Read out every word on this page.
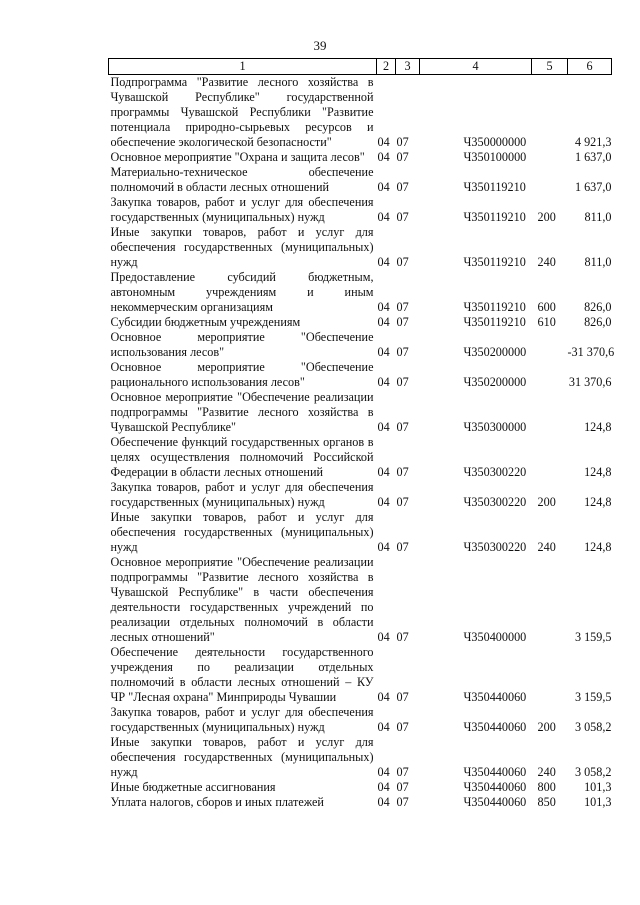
39
1	2	3	4	5	6
Подпрограмма "Развитие лесного хозяйства в Чувашской Республике" государственной программы Чувашской Республики "Развитие потенциала природно-сырьевых ресурсов и обеспечение экологической безопасности"	04	07	Ч350000000		4 921,3
Основное мероприятие "Охрана и защита лесов"	04	07	Ч350100000		1 637,0
Материально-техническое обеспечение полномочий в области лесных отношений	04	07	Ч350119210		1 637,0
Закупка товаров, работ и услуг для обеспечения государственных (муниципальных) нужд	04	07	Ч350119210	200	811,0
Иные закупки товаров, работ и услуг для обеспечения государственных (муниципальных) нужд	04	07	Ч350119210	240	811,0
Предоставление субсидий бюджетным, автономным учреждениям и иным некоммерческим организациям	04	07	Ч350119210	600	826,0
Субсидии бюджетным учреждениям	04	07	Ч350119210	610	826,0
Основное мероприятие "Обеспечение использования лесов"	04	07	Ч350200000		-31 370,6
Основное мероприятие "Обеспечение рационального использования лесов"	04	07	Ч350200000		31 370,6
Основное мероприятие "Обеспечение реализации подпрограммы "Развитие лесного хозяйства в Чувашской Республике"	04	07	Ч350300000		124,8
Обеспечение функций государственных органов в целях осуществления полномочий Российской Федерации в области лесных отношений	04	07	Ч350300220		124,8
Закупка товаров, работ и услуг для обеспечения государственных (муниципальных) нужд	04	07	Ч350300220	200	124,8
Иные закупки товаров, работ и услуг для обеспечения государственных (муниципальных) нужд	04	07	Ч350300220	240	124,8
Основное мероприятие "Обеспечение реализации подпрограммы "Развитие лесного хозяйства в Чувашской Республике" в части обеспечения деятельности государственных учреждений по реализации отдельных полномочий в области лесных отношений"	04	07	Ч350400000		3 159,5
Обеспечение деятельности государственного учреждения по реализации отдельных полномочий в области лесных отношений – КУ ЧР "Лесная охрана" Минприроды Чувашии	04	07	Ч350440060		3 159,5
Закупка товаров, работ и услуг для обеспечения государственных (муниципальных) нужд	04	07	Ч350440060	200	3 058,2
Иные закупки товаров, работ и услуг для обеспечения государственных (муниципальных) нужд	04	07	Ч350440060	240	3 058,2
Иные бюджетные ассигнования	04	07	Ч350440060	800	101,3
Уплата налогов, сборов и иных платежей	04	07	Ч350440060	850	101,3
